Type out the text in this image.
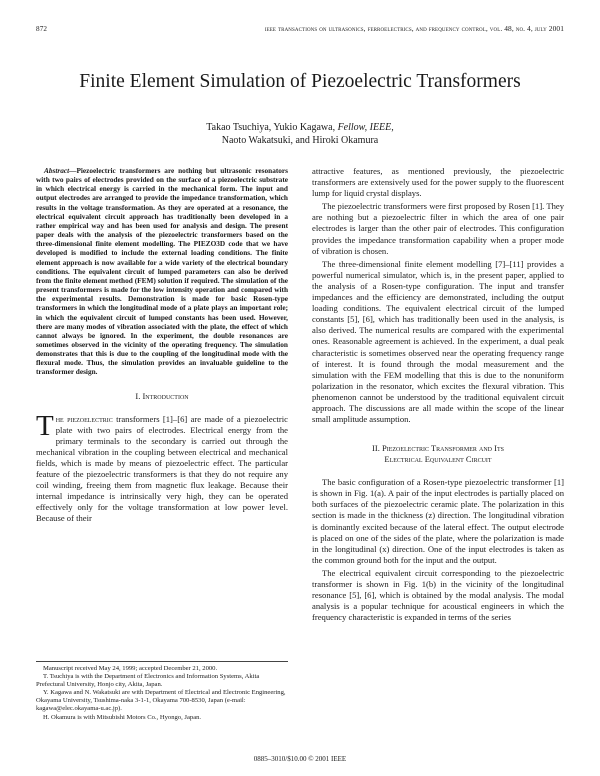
872	ieee transactions on ultrasonics, ferroelectrics, and frequency control, vol. 48, no. 4, july 2001
Finite Element Simulation of Piezoelectric Transformers
Takao Tsuchiya, Yukio Kagawa, Fellow, IEEE,
Naoto Wakatsuki, and Hiroki Okamura

Abstract—Piezoelectric transformers are nothing but ultrasonic resonators with two pairs of electrodes provided on the surface of a piezoelectric substrate in which electrical energy is carried in the mechanical form. The input and output electrodes are arranged to provide the impedance transformation, which results in the voltage transformation. As they are operated at a resonance, the electrical equivalent circuit approach has traditionally been developed in a rather empirical way and has been used for analysis and design. The present paper deals with the analysis of the piezoelectric transformers based on the three-dimensional finite element modelling. The PIEZO3D code that we have developed is modified to include the external loading conditions. The finite element approach is now available for a wide variety of the electrical boundary conditions. The equivalent circuit of lumped parameters can also be derived from the finite element method (FEM) solution if required. The simulation of the present transformers is made for the low intensity operation and compared with the experimental results. Demonstration is made for basic Rosen-type transformers in which the longitudinal mode of a plate plays an important role; in which the equivalent circuit of lumped constants has been used. However, there are many modes of vibration associated with the plate, the effect of which cannot always be ignored. In the experiment, the double resonances are sometimes observed in the vicinity of the operating frequency. The simulation demonstrates that this is due to the coupling of the longitudinal mode with the flexural mode. Thus, the simulation provides an invaluable guideline to the transformer design.

I. Introduction

The piezoelectric transformers [1]–[6] are made of a piezoelectric plate with two pairs of electrodes. Electrical energy from the primary terminals to the secondary is carried out through the mechanical vibration in the coupling between electrical and mechanical fields, which is made by means of piezoelectric effect. The particular feature of the piezoelectric transformers is that they do not require any coil winding, freeing them from magnetic flux leakage. Because their internal impedance is intrinsically very high, they can be operated effectively only for the voltage transformation at low power level. Because of their

attractive features, as mentioned previously, the piezoelectric transformers are extensively used for the power supply to the fluorescent lump for liquid crystal displays.

The piezoelectric transformers were first proposed by Rosen [1]. They are nothing but a piezoelectric filter in which the area of one pair electrodes is larger than the other pair of electrodes. This configuration provides the impedance transformation capability when a proper mode of vibration is chosen.

The three-dimensional finite element modelling [7]–[11] provides a powerful numerical simulator, which is, in the present paper, applied to the analysis of a Rosen-type configuration. The input and transfer impedances and the efficiency are demonstrated, including the output loading conditions. The equivalent electrical circuit of the lumped constants [5], [6], which has traditionally been used in the analysis, is also derived. The numerical results are compared with the experimental ones. Reasonable agreement is achieved. In the experiment, a dual peak characteristic is sometimes observed near the operating frequency range of interest. It is found through the modal measurement and the simulation with the FEM modelling that this is due to the nonuniform polarization in the resonator, which excites the flexural vibration. This phenomenon cannot be understood by the traditional equivalent circuit approach. The discussions are all made within the scope of the linear small amplitude assumption.

II. Piezoelectric Transformer and Its
Electrical Equivalent Circuit

The basic configuration of a Rosen-type piezoelectric transformer [1] is shown in Fig. 1(a). A pair of the input electrodes is partially placed on both surfaces of the piezoelectric ceramic plate. The polarization in this section is made in the thickness (z) direction. The longitudinal vibration is dominantly excited because of the lateral effect. The output electrode is placed on one of the sides of the plate, where the polarization is made in the longitudinal (x) direction. One of the input electrodes is taken as the common ground both for the input and the output.

The electrical equivalent circuit corresponding to the piezoelectric transformer is shown in Fig. 1(b) in the vicinity of the longitudinal resonance [5], [6], which is obtained by the modal analysis. The modal analysis is a popular technique for acoustical engineers in which the frequency characteristic is expanded in terms of the series

Manuscript received May 24, 1999; accepted December 21, 2000.

T. Tsuchiya is with the Department of Electronics and Information Systems, Akita Prefectural University, Honjo city, Akita, Japan.

Y. Kagawa and N. Wakatsuki are with Department of Electrical and Electronic Engineering, Okayama University, Tsushima-naka 3-1-1, Okayama 700-8530, Japan (e-mail: kagawa@elec.okayama-u.ac.jp).

H. Okamura is with Mitsubishi Motors Co., Hyongo, Japan.

0885–3010/$10.00 © 2001 IEEE
